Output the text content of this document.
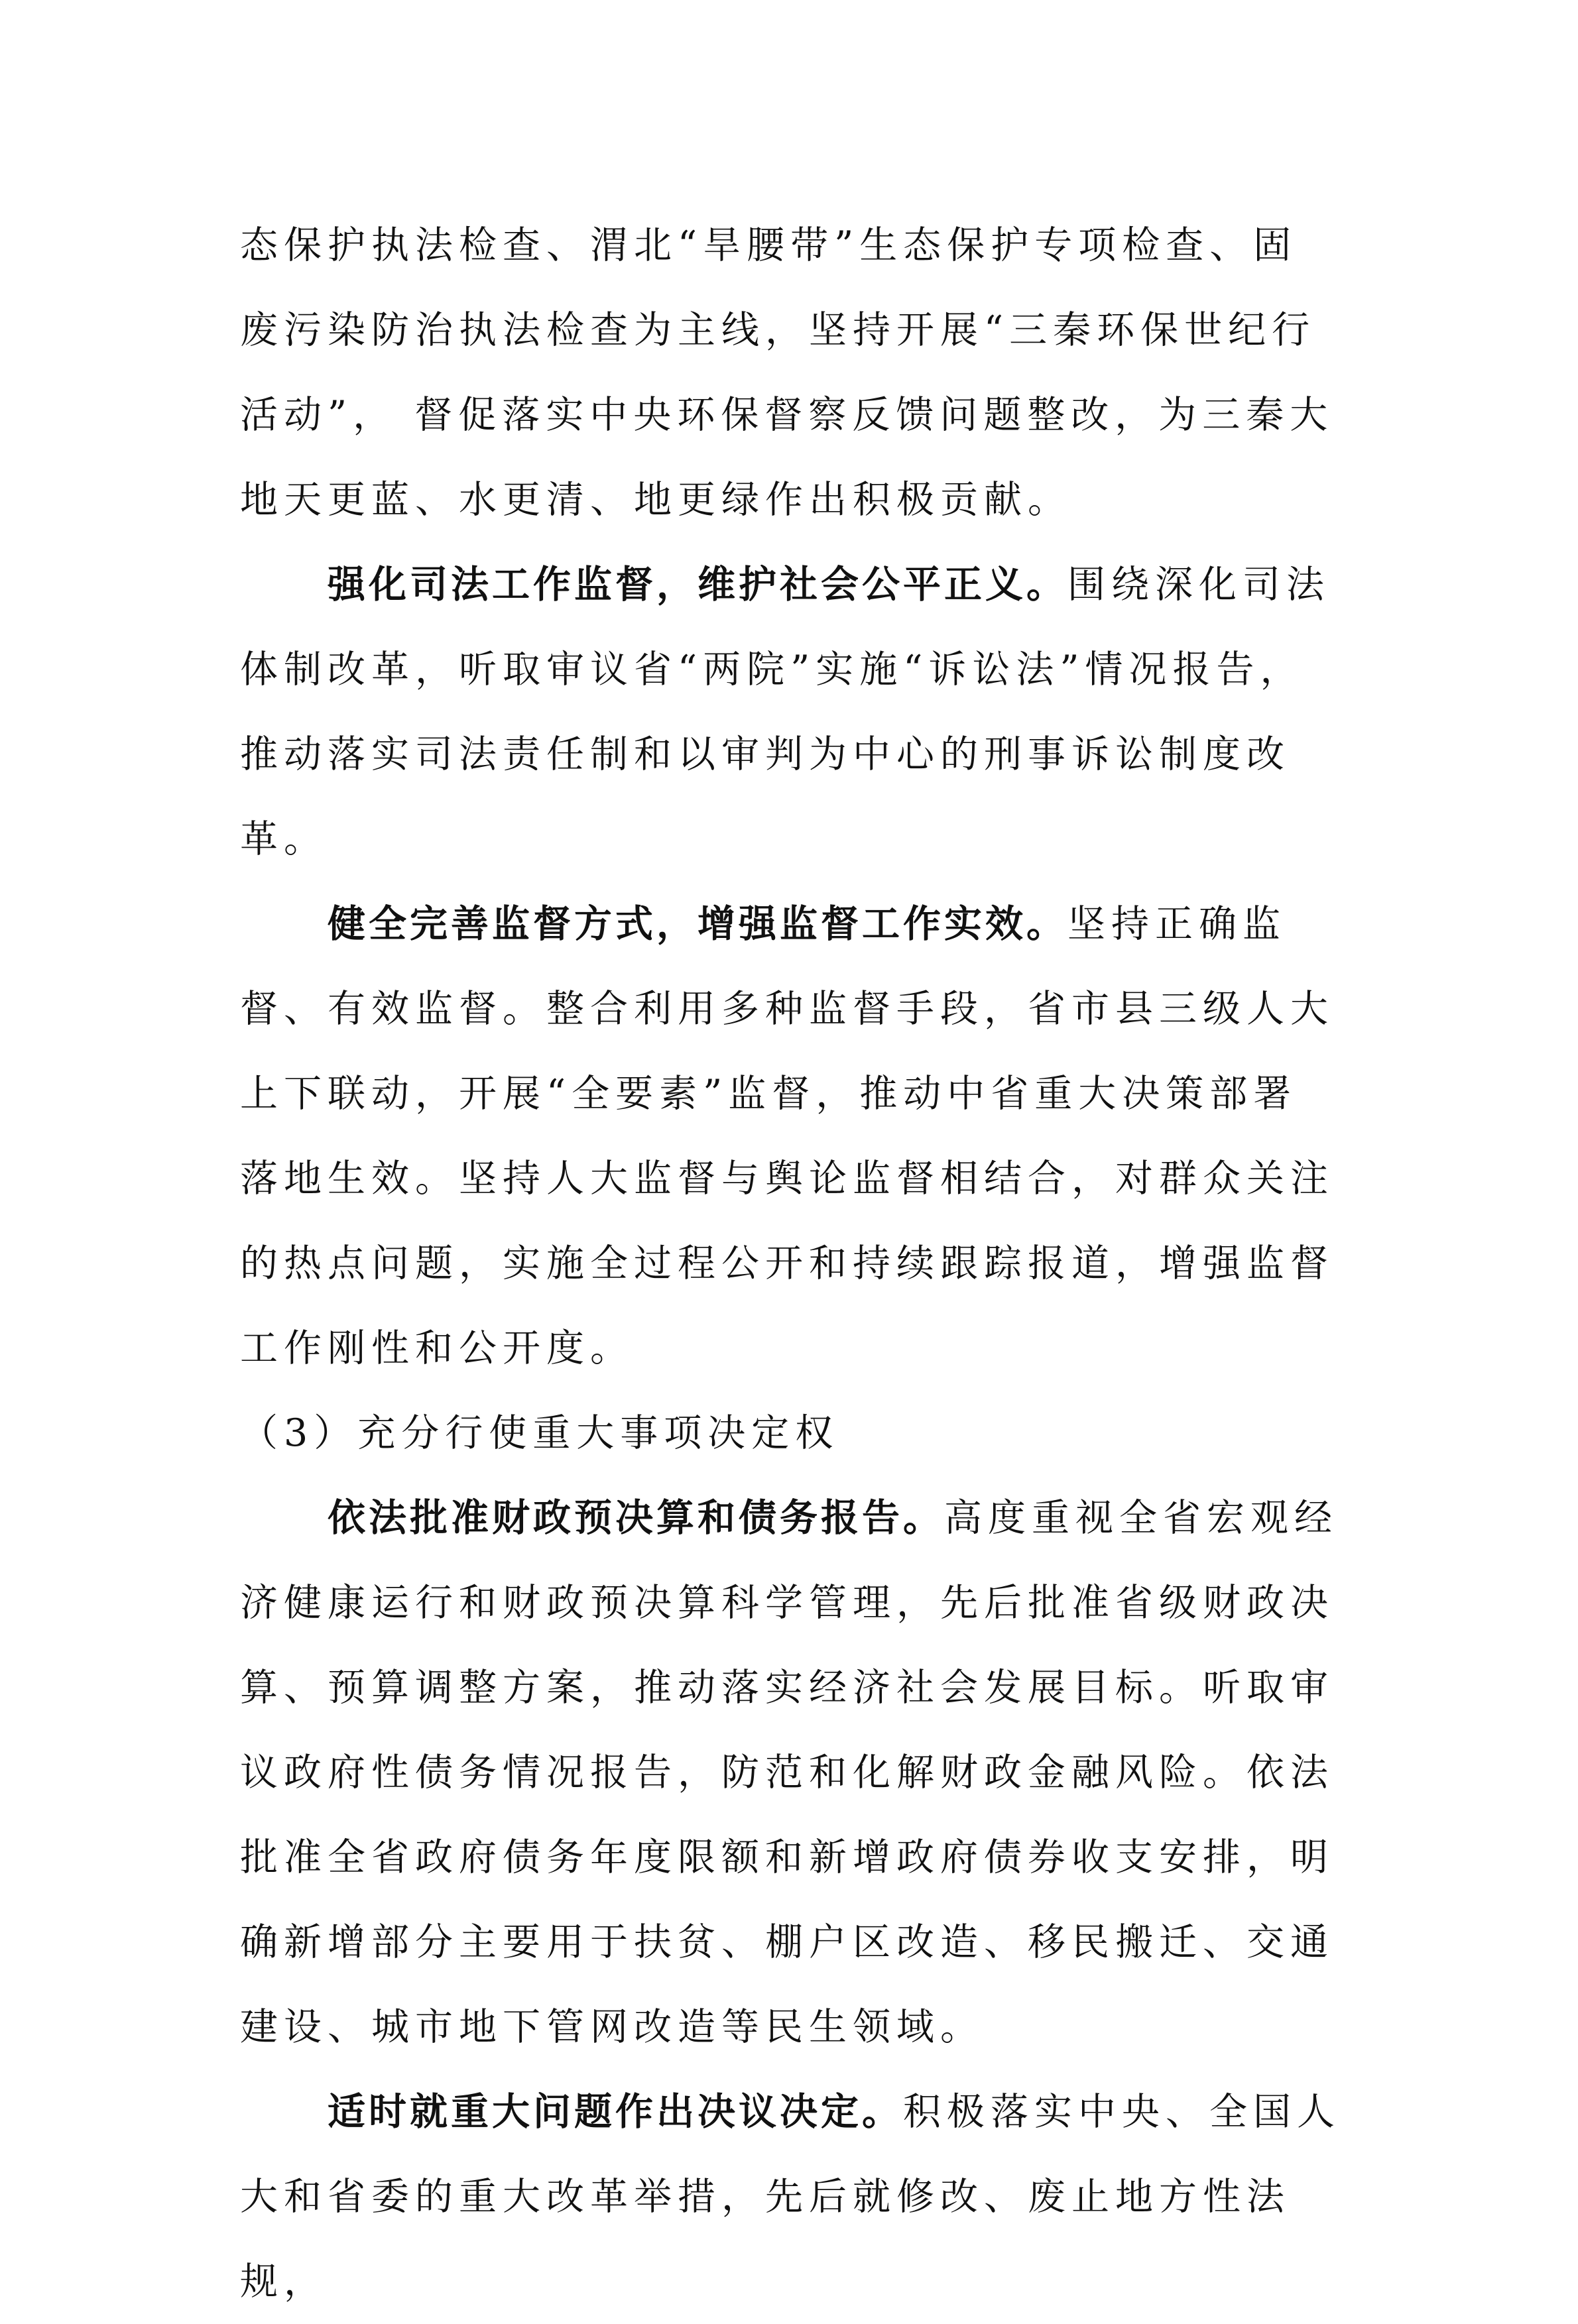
态保护执法检查、渭北“旱腰带”生态保护专项检查、固废污染防治执法检查为主线，坚持开展“三秦环保世纪行活动”， 督促落实中央环保督察反馈问题整改，为三秦大地天更蓝、水更清、地更绿作出积极贡献。

强化司法工作监督，维护社会公平正义。围绕深化司法体制改革，听取审议省“两院”实施“诉讼法”情况报告，推动落实司法责任制和以审判为中心的刑事诉讼制度改革。

健全完善监督方式，增强监督工作实效。坚持正确监督、有效监督。整合利用多种监督手段，省市县三级人大上下联动，开展“全要素”监督，推动中省重大决策部署落地生效。坚持人大监督与舆论监督相结合，对群众关注的热点问题，实施全过程公开和持续跟踪报道，增强监督工作刚性和公开度。

（3）充分行使重大事项决定权

依法批准财政预决算和债务报告。高度重视全省宏观经济健康运行和财政预决算科学管理，先后批准省级财政决算、预算调整方案，推动落实经济社会发展目标。听取审议政府性债务情况报告，防范和化解财政金融风险。依法批准全省政府债务年度限额和新增政府债券收支安排，明确新增部分主要用于扶贫、棚户区改造、移民搬迁、交通建设、城市地下管网改造等民生领域。

适时就重大问题作出决议决定。积极落实中央、全国人大和省委的重大改革举措，先后就修改、废止地方性法规，
